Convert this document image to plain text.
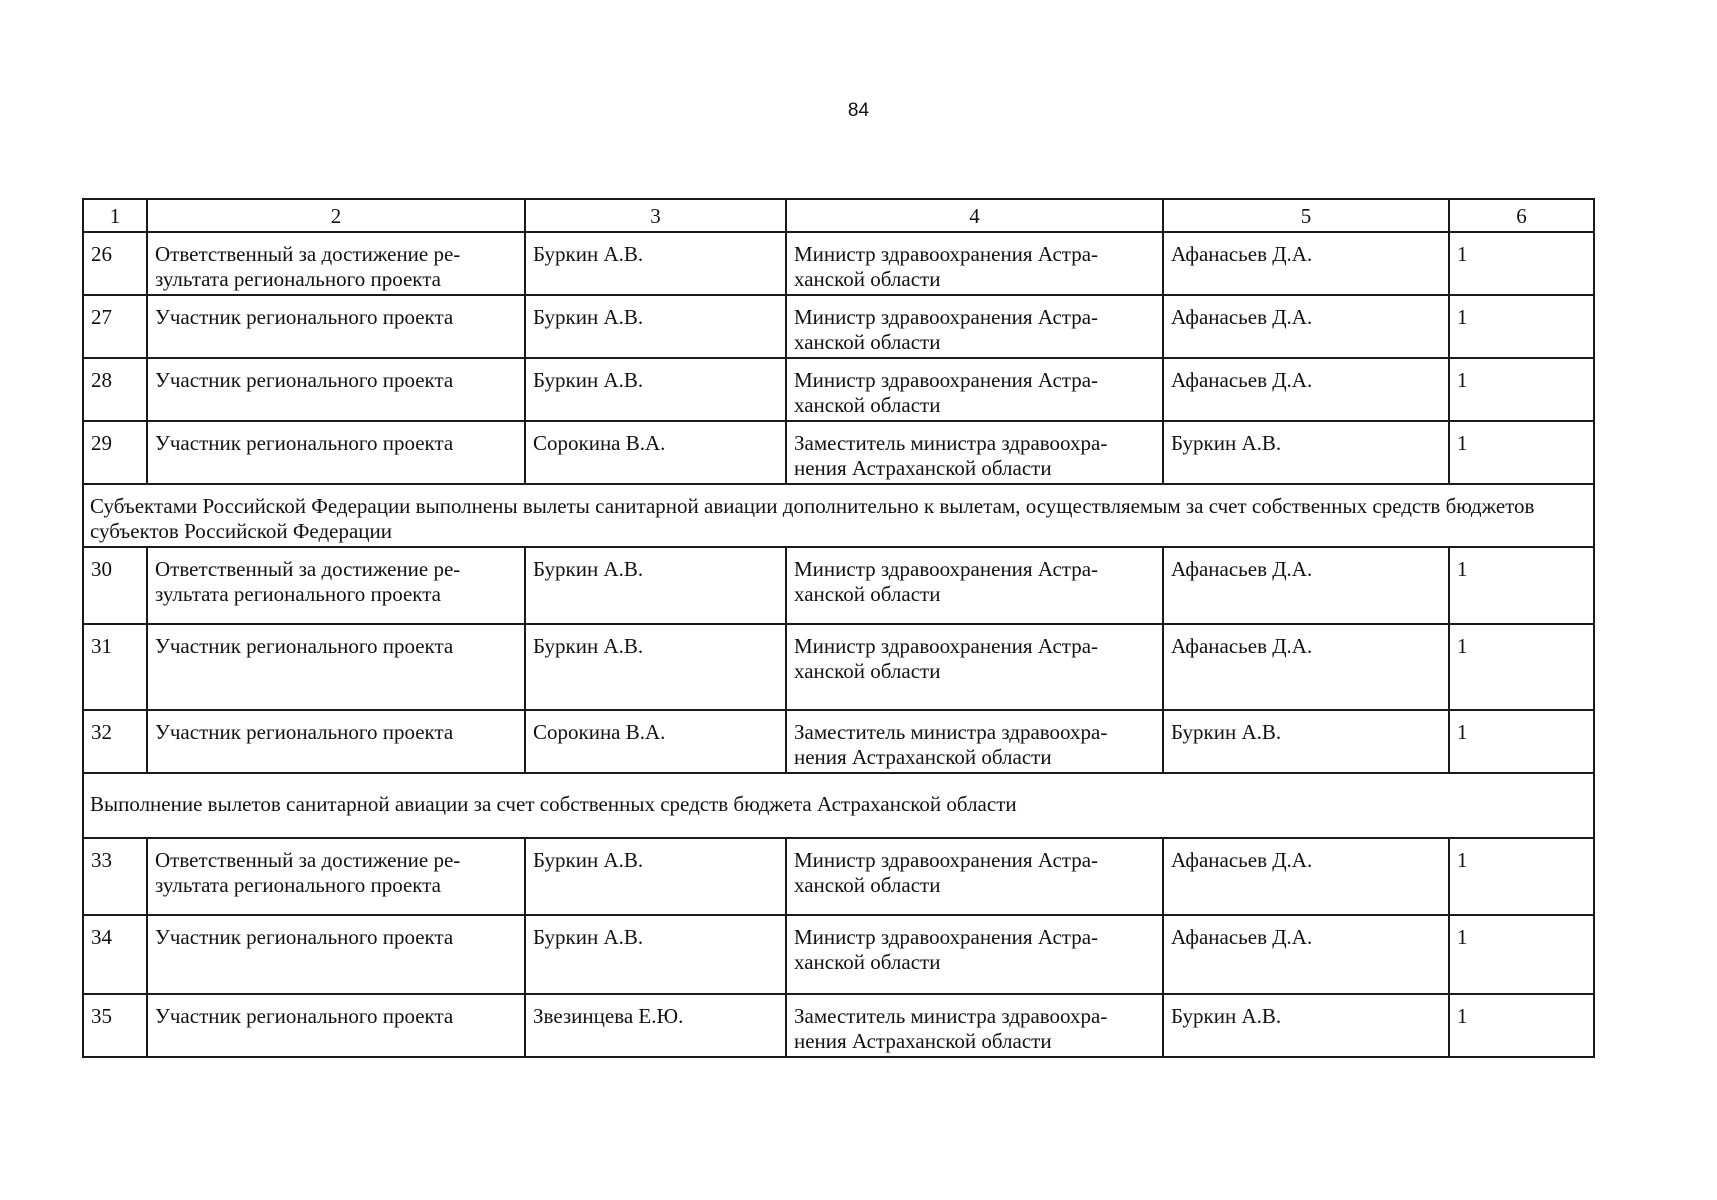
84
1	2	3	4	5	6
26	Ответственный за достижение ре-зультата регионального проекта	Буркин А.В.	Министр здравоохранения Астра-ханской области	Афанасьев Д.А.	1
27	Участник регионального проекта	Буркин А.В.	Министр здравоохранения Астра-ханской области	Афанасьев Д.А.	1
28	Участник регионального проекта	Буркин А.В.	Министр здравоохранения Астра-ханской области	Афанасьев Д.А.	1
29	Участник регионального проекта	Сорокина В.А.	Заместитель министра здравоохра-нения Астраханской области	Буркин А.В.	1
Субъектами Российской Федерации выполнены вылеты санитарной авиации дополнительно к вылетам, осуществляемым за счет собственных средств бюджетов субъектов Российской Федерации					
30	Ответственный за достижение ре-зультата регионального проекта	Буркин А.В.	Министр здравоохранения Астра-ханской области	Афанасьев Д.А.	1
31	Участник регионального проекта	Буркин А.В.	Министр здравоохранения Астра-ханской области	Афанасьев Д.А.	1
32	Участник регионального проекта	Сорокина В.А.	Заместитель министра здравоохра-нения Астраханской области	Буркин А.В.	1
Выполнение вылетов санитарной авиации за счет собственных средств бюджета Астраханской области					
33	Ответственный за достижение ре-зультата регионального проекта	Буркин А.В.	Министр здравоохранения Астра-ханской области	Афанасьев Д.А.	1
34	Участник регионального проекта	Буркин А.В.	Министр здравоохранения Астра-ханской области	Афанасьев Д.А.	1
35	Участник регионального проекта	Звезинцева Е.Ю.	Заместитель министра здравоохра-нения Астраханской области	Буркин А.В.	1
